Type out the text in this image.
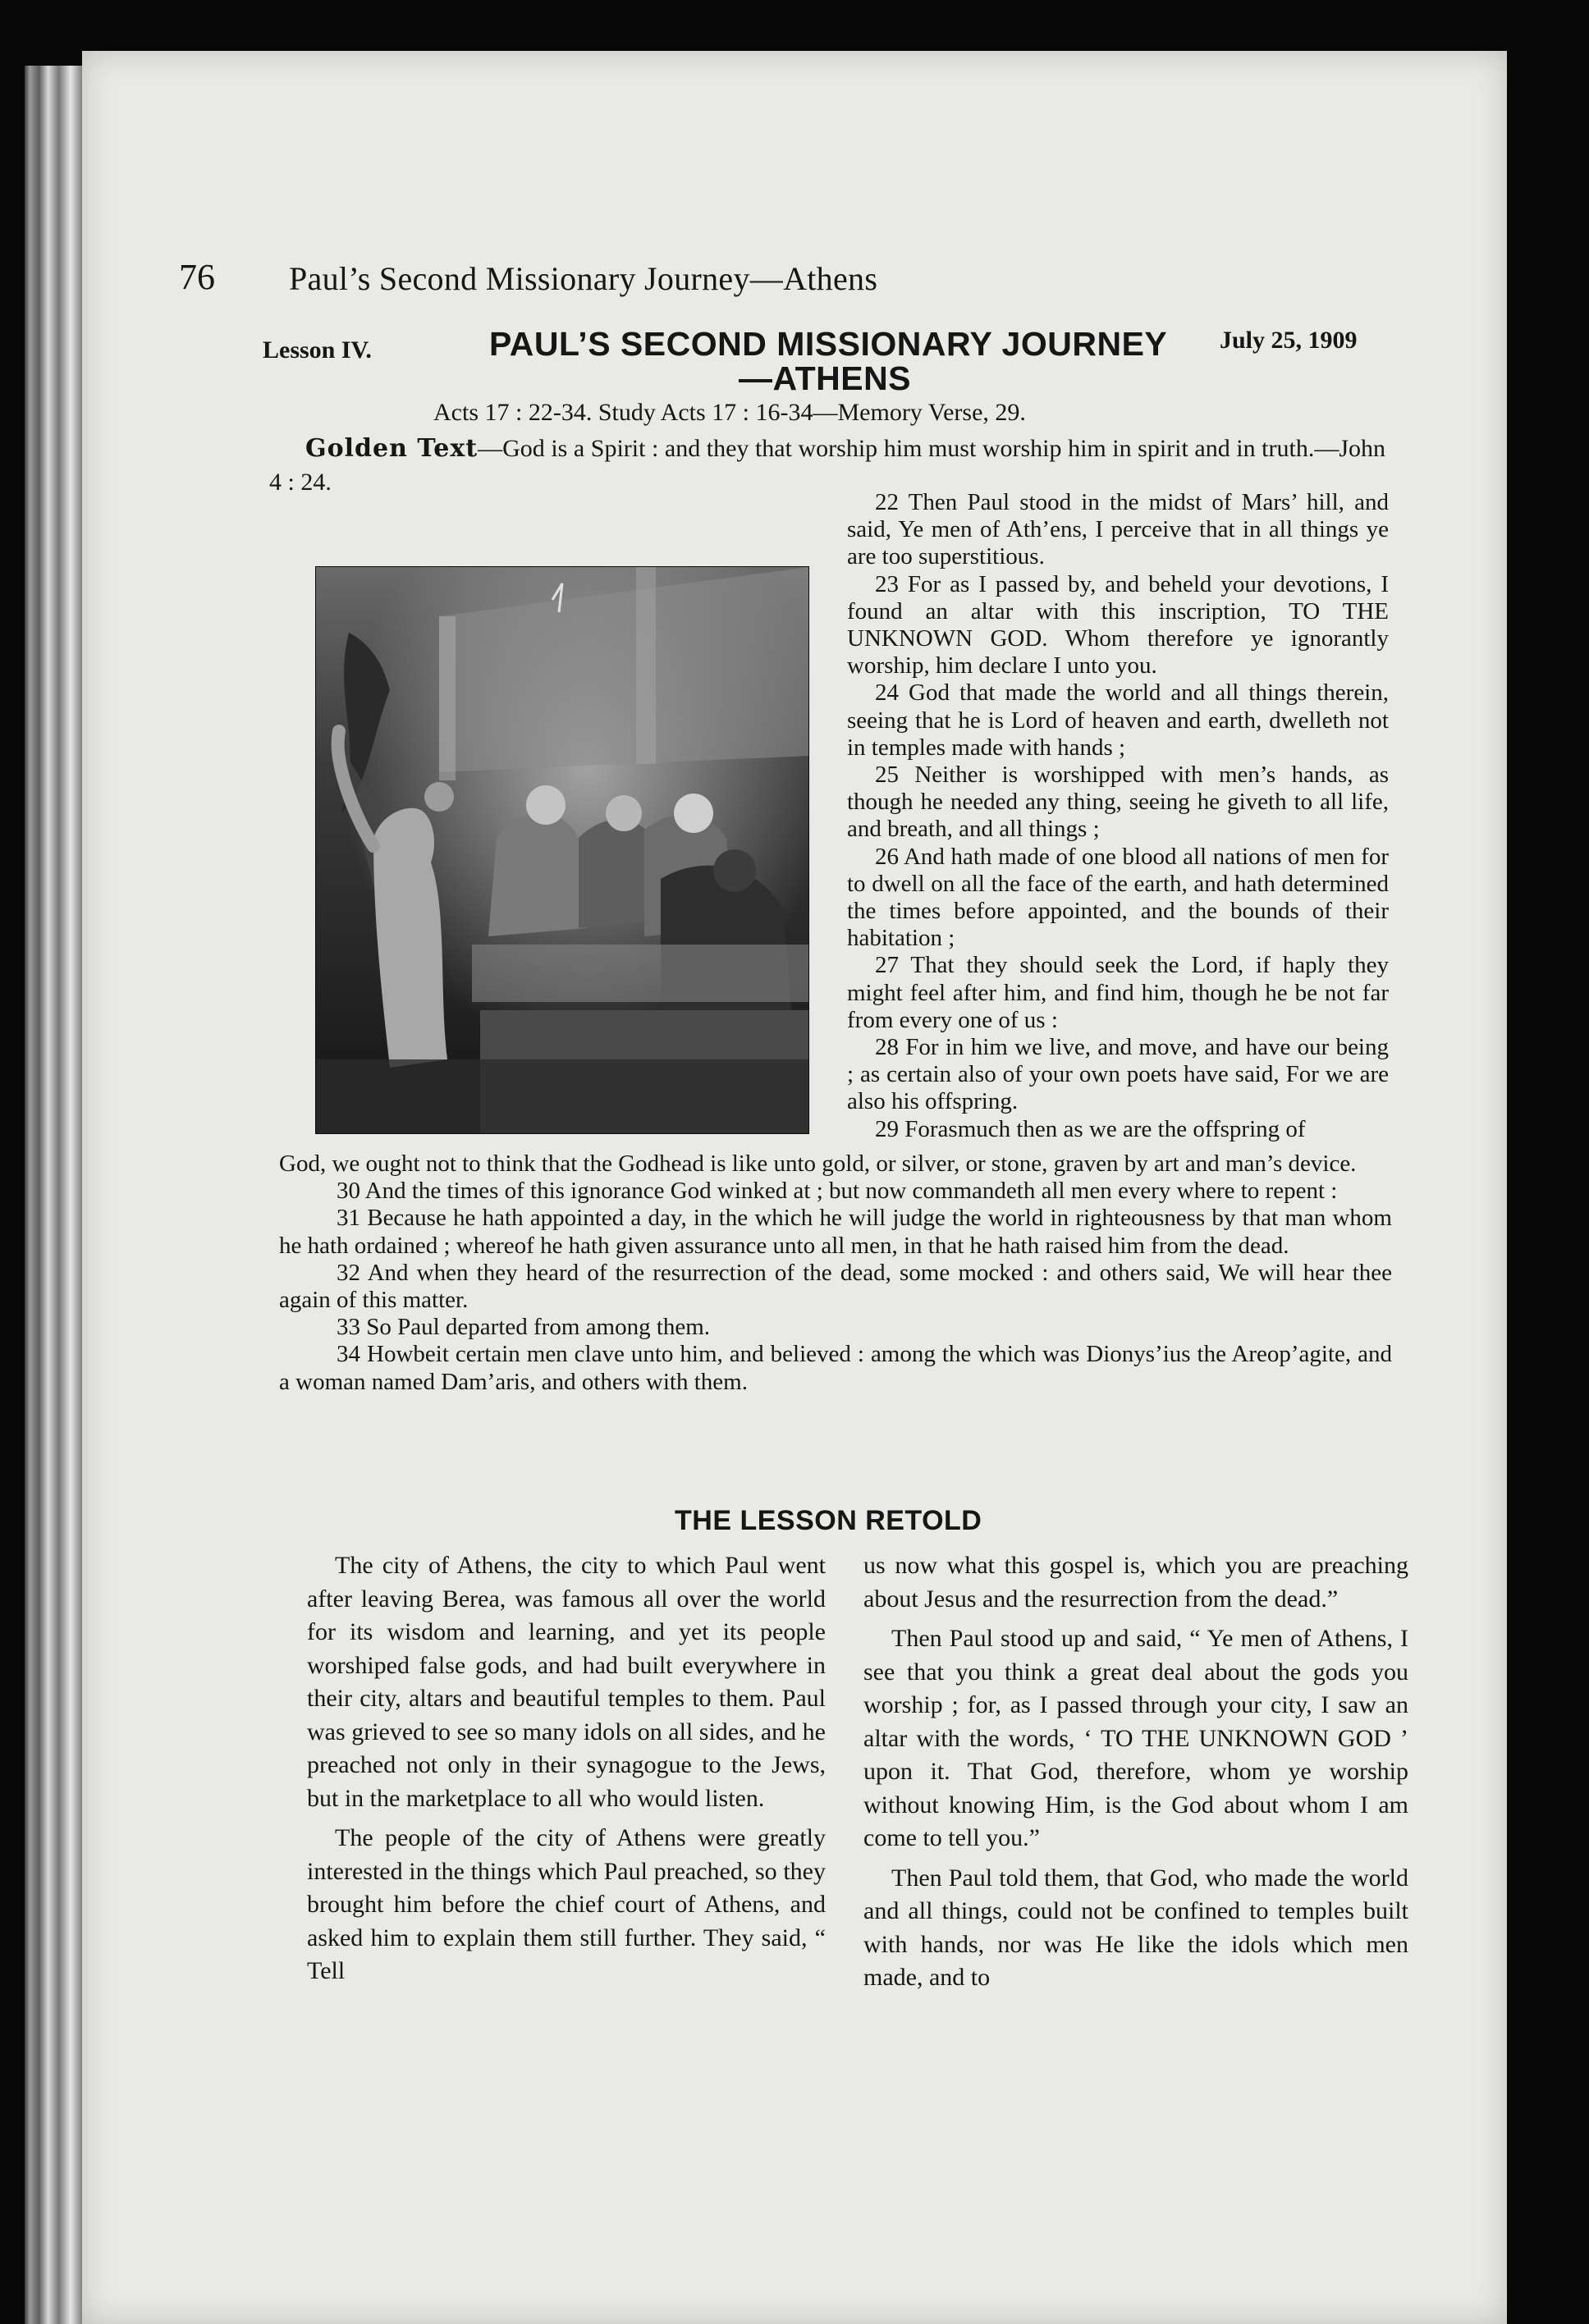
76 Paul’s Second Missionary Journey—Athens
Lesson IV.	PAUL’S SECOND MISSIONARY JOURNEY
—ATHENS
July 25, 1909
Acts 17 : 22-34. Study Acts 17 : 16-34—Memory Verse, 29.
Golden Text—God is a Spirit : and they that worship him must worship him in spirit and in truth.—John 4 : 24.
22 Then Paul stood in the midst of Mars’ hill, and said, Ye men of Ath’ens, I perceive that in all things ye are too superstitious.
23 For as I passed by, and beheld your devotions, I found an altar with this inscription, TO THE UNKNOWN GOD. Whom therefore ye ignorantly worship, him declare I unto you.
24 God that made the world and all things therein, seeing that he is Lord of heaven and earth, dwelleth not in temples made with hands ;
25 Neither is worshipped with men’s hands, as though he needed any thing, seeing he giveth to all life, and breath, and all things ;
26 And hath made of one blood all nations of men for to dwell on all the face of the earth, and hath determined the times before appointed, and the bounds of their habitation ;
27 That they should seek the Lord, if haply they might feel after him, and find him, though he be not far from every one of us :
28 For in him we live, and move, and have our being ; as certain also of your own poets have said, For we are also his offspring.
29 Forasmuch then as we are the offspring of
God, we ought not to think that the Godhead is like unto gold, or silver, or stone, graven by art and man’s device.
30 And the times of this ignorance God winked at ; but now commandeth all men every where to repent :
31 Because he hath appointed a day, in the which he will judge the world in righteousness by that man whom he hath ordained ; whereof he hath given assurance unto all men, in that he hath raised him from the dead.
32 And when they heard of the resurrection of the dead, some mocked : and others said, We will hear thee again of this matter.
33 So Paul departed from among them.
34 Howbeit certain men clave unto him, and believed : among the which was Dionys’ius the Areop’agite, and a woman named Dam’aris, and others with them.
THE LESSON RETOLD

The city of Athens, the city to which Paul went after leaving Berea, was famous all over the world for its wisdom and learning, and yet its people worshiped false gods, and had built everywhere in their city, altars and beautiful temples to them. Paul was grieved to see so many idols on all sides, and he preached not only in their synagogue to the Jews, but in the marketplace to all who would listen.

The people of the city of Athens were greatly interested in the things which Paul preached, so they brought him before the chief court of Athens, and asked him to explain them still further. They said, “ Tell

us now what this gospel is, which you are preaching about Jesus and the resurrection from the dead.”

Then Paul stood up and said, “ Ye men of Athens, I see that you think a great deal about the gods you worship ; for, as I passed through your city, I saw an altar with the words, ‘ TO THE UNKNOWN GOD ’ upon it. That God, therefore, whom ye worship without knowing Him, is the God about whom I am come to tell you.”

Then Paul told them, that God, who made the world and all things, could not be confined to temples built with hands, nor was He like the idols which men made, and to
